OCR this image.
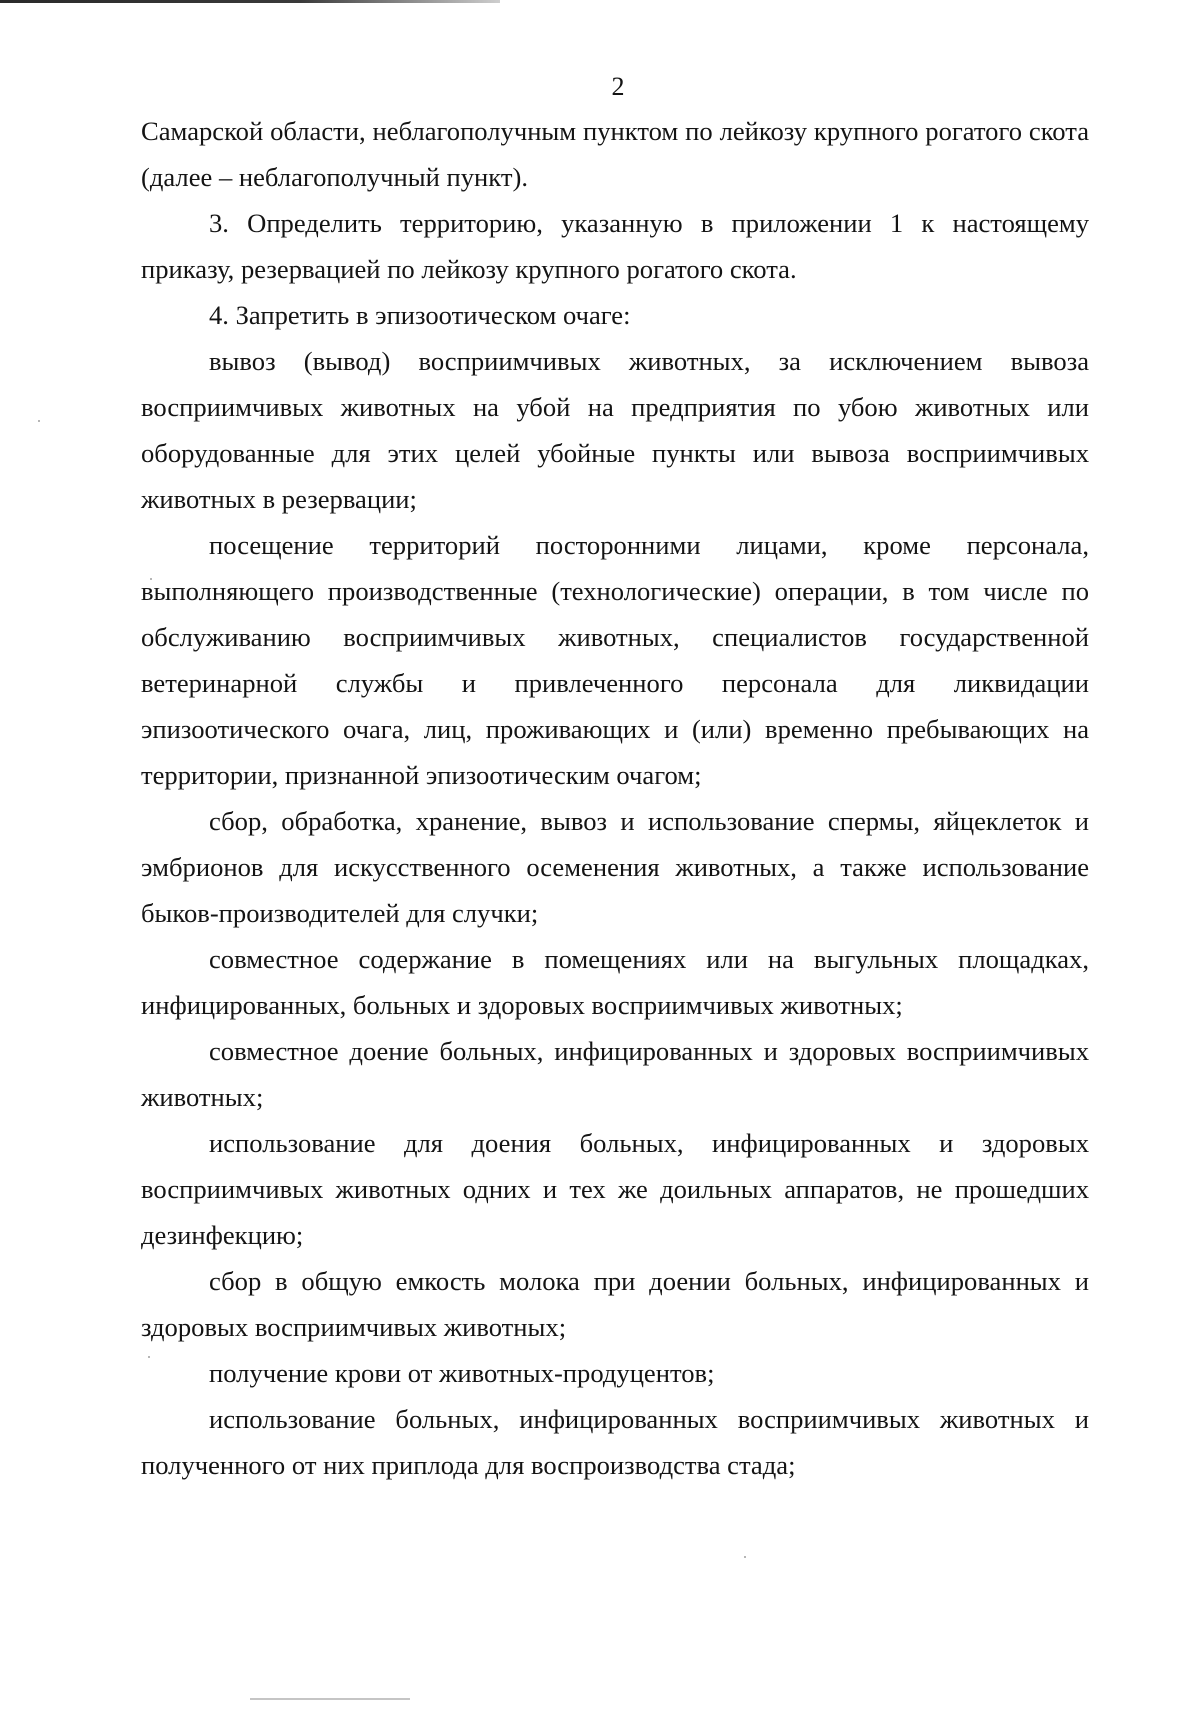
2

Самарской области, неблагополучным пунктом по лейкозу крупного рогатого скота (далее – неблагополучный пункт).

3. Определить территорию, указанную в приложении 1 к настоящему приказу, резервацией по лейкозу крупного рогатого скота.

4. Запретить в эпизоотическом очаге:

вывоз (вывод) восприимчивых животных, за исключением вывоза восприимчивых животных на убой на предприятия по убою животных или оборудованные для этих целей убойные пункты или вывоза восприимчивых животных в резервации;

посещение территорий посторонними лицами, кроме персонала, выполняющего производственные (технологические) операции, в том числе по обслуживанию восприимчивых животных, специалистов государственной ветеринарной службы и привлеченного персонала для ликвидации эпизоотического очага, лиц, проживающих и (или) временно пребывающих на территории, признанной эпизоотическим очагом;

сбор, обработка, хранение, вывоз и использование спермы, яйцеклеток и эмбрионов для искусственного осеменения животных, а также использование быков-производителей для случки;

совместное содержание в помещениях или на выгульных площадках, инфицированных, больных и здоровых восприимчивых животных;

совместное доение больных, инфицированных и здоровых восприимчивых животных;

использование для доения больных, инфицированных и здоровых восприимчивых животных одних и тех же доильных аппаратов, не прошедших дезинфекцию;

сбор в общую емкость молока при доении больных, инфицированных и здоровых восприимчивых животных;

получение крови от животных-продуцентов;

использование больных, инфицированных восприимчивых животных и полученного от них приплода для воспроизводства стада;
